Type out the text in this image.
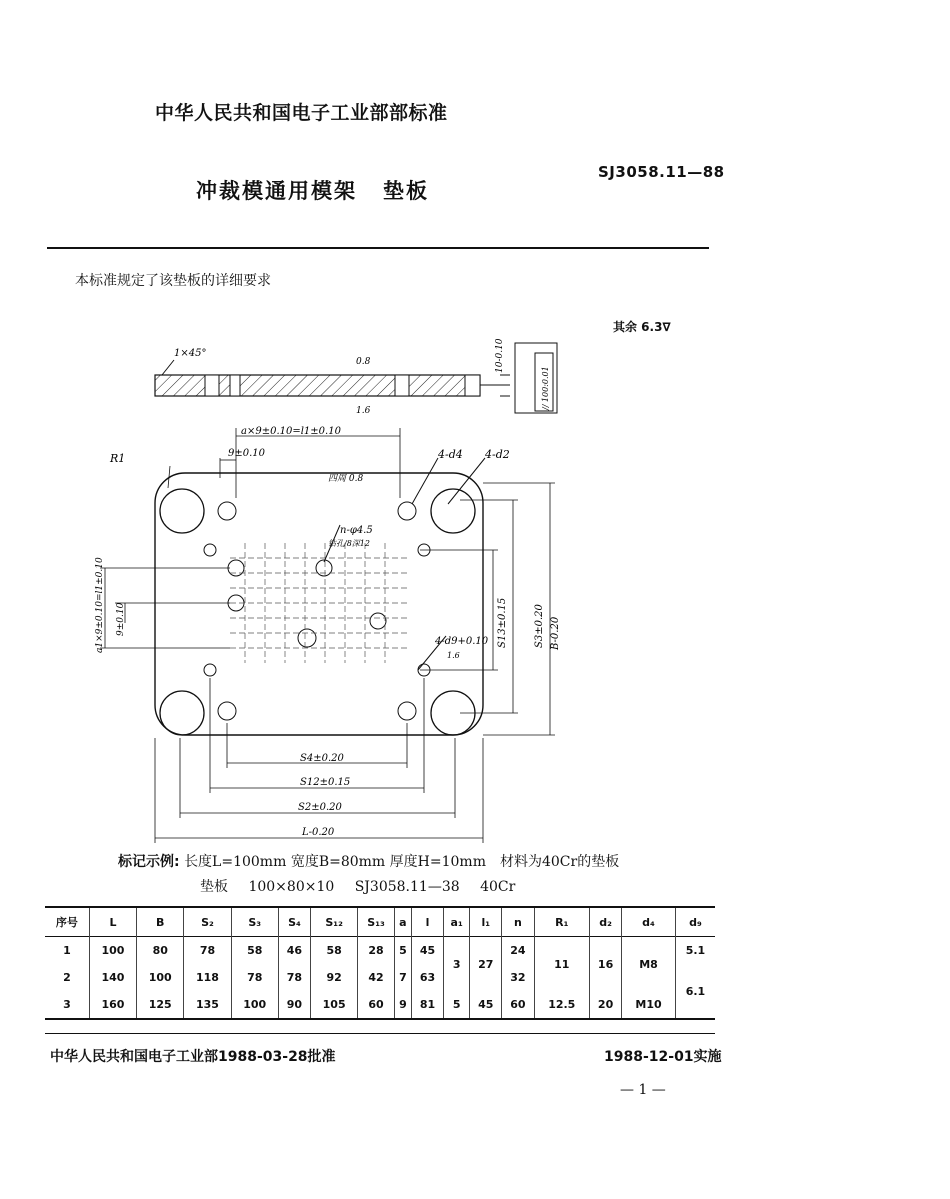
中华人民共和国电子工业部部标准
冲裁模通用模架 垫板
SJ3058.11—88
本标准规定了该垫板的详细要求
其余 6.3∇
1×45°
0.8
1.6
10-0.10
// 100:0.01
a×9±0.10=l1±0.10
9±0.10
R1	4-d4 4-d2
四周 0.8
n-φ4.5
钻孔/8深12
4-d9+0.10
1.6
S13±0.15	S3±0.20 B-0.20
a1×9±0.10=l1±0.10 9±0.10
S4±0.20
S12±0.15
S2±0.20
L-0.20
标记示例: 长度L=100mm 宽度B=80mm 厚度H=10mm　材料为40Cr的垫板
垫板 100×80×10 SJ3058.11—38 40Cr
序号	L	B	S₂	S₃	S₄	S₁₂	S₁₃	a	l	a₁	l₁	n	R₁	d₂	d₄	d₉
1	100	80	78	58	46	58	28	5	45	3	27	24	11	16	M8	5.1
2	140	100	118	78	78	92	42	7	63			32				6.1
3	160	125	135	100	90	105	60	9	81	5	45	60	12.5	20	M10	
中华人民共和国电子工业部1988-03-28批准	1988-12-01实施
— 1 —
